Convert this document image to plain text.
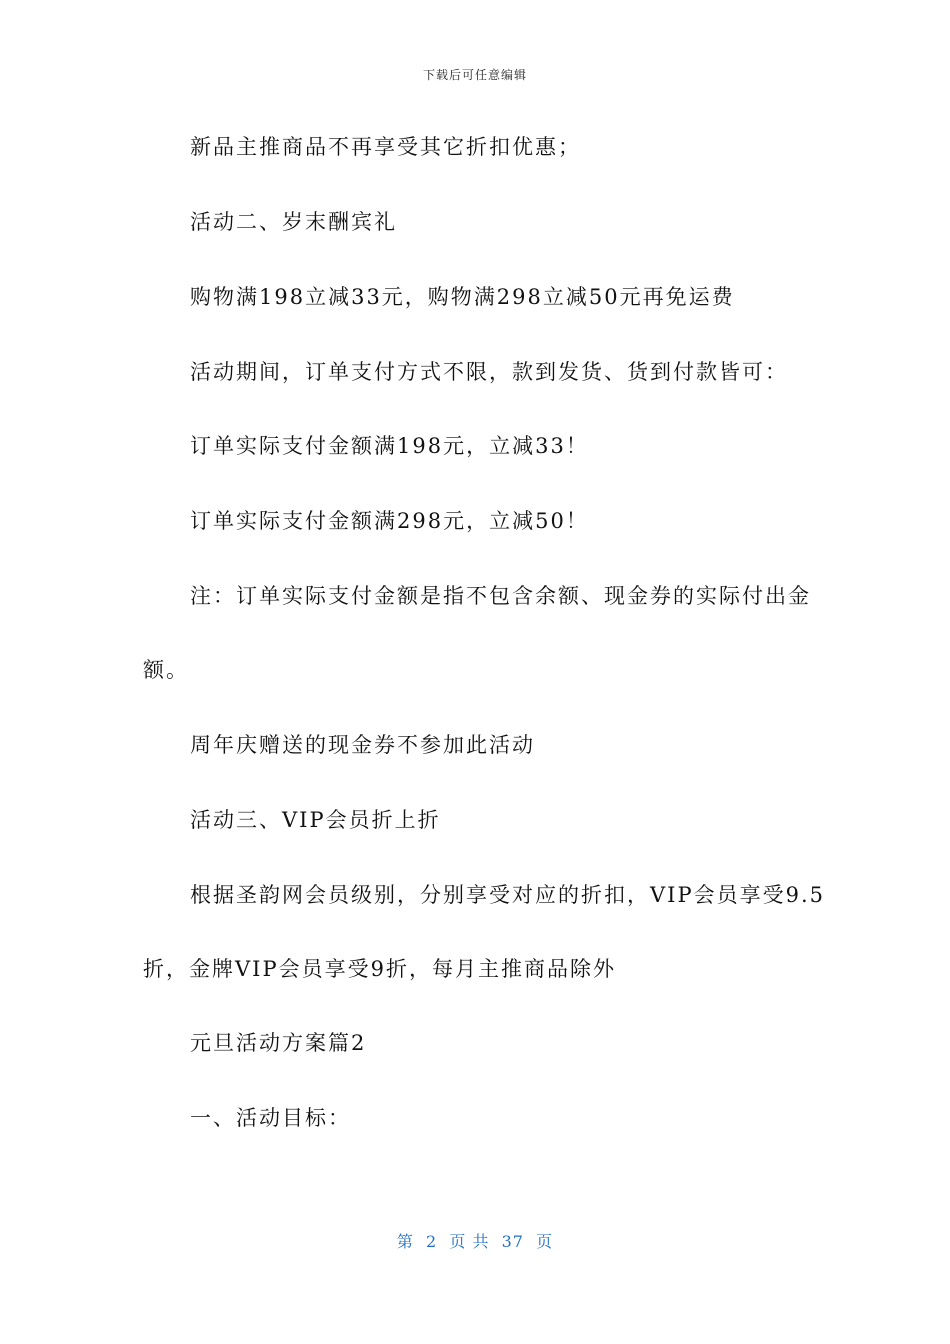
下载后可任意编辑
新品主推商品不再享受其它折扣优惠；
活动二、岁末酬宾礼
购物满198立减33元，购物满298立减50元再免运费
活动期间，订单支付方式不限，款到发货、货到付款皆可：
订单实际支付金额满198元，立减33！
订单实际支付金额满298元，立减50！
注：订单实际支付金额是指不包含余额、现金券的实际付出金
额。
周年庆赠送的现金券不参加此活动
活动三、VIP会员折上折
根据圣韵网会员级别，分别享受对应的折扣，VIP会员享受9.5
折，金牌VIP会员享受9折，每月主推商品除外
元旦活动方案篇2
一、活动目标：
第  2  页 共  37  页
